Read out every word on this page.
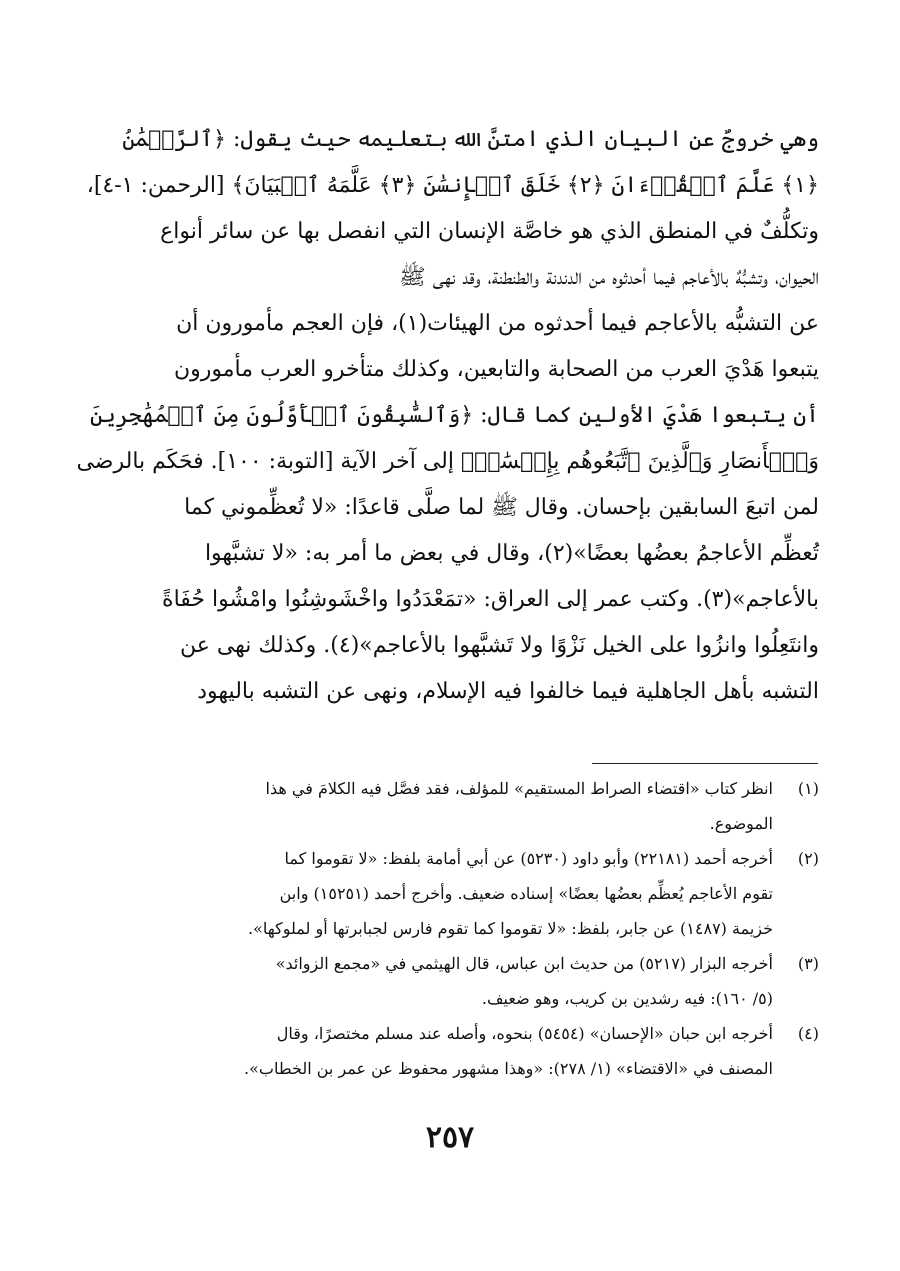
وهي خروجٌ عن البيان الذي امتنَّ الله بتعليمه حيث يقول: ﴿ٱلرَّحۡمَٰنُ
﴿١﴾ عَلَّمَ ٱلۡقُرۡءَانَ ﴿٢﴾ خَلَقَ ٱلۡإِنسَٰنَ ﴿٣﴾ عَلَّمَهُ ٱلۡبَيَانَ﴾ [الرحمن: ١-٤]،
وتكلُّفٌ في المنطق الذي هو خاصَّة الإنسان التي انفصل بها عن سائر أنواع
الحيوان، وتشبُّهٌ بالأعاجم فيما أحدثوه من الدندنة والطنطنة، وقد نهى ﷺ
عن التشبُّه بالأعاجم فيما أحدثوه من الهيئات(١)، فإن العجم مأمورون أن
يتبعوا هَدْيَ العرب من الصحابة والتابعين، وكذلك متأخرو العرب مأمورون
أن يتبعوا هَدْيَ الأولين كما قال: ﴿وَٱلسَّٰبِقُونَ ٱلۡأَوَّلُونَ مِنَ ٱلۡمُهَٰجِرِينَ
وَٱلۡأَنصَارِ وَٱلَّذِينَ ٱتَّبَعُوهُم بِإِحۡسَٰنٖ﴾ إلى آخر الآية [التوبة: ١٠٠]. فحَكَم بالرضى
لمن اتبعَ السابقين بإحسان. وقال ﷺ لما صلَّى قاعدًا: «لا تُعظِّموني كما
تُعظِّم الأعاجمُ بعضُها بعضًا»(٢)، وقال في بعض ما أمر به: «لا تشبَّهوا
بالأعاجم»(٣). وكتب عمر إلى العراق: «تمَعْدَدُوا واخْشَوشِنُوا وامْشُوا حُفَاةً
وانتَعِلُوا وانزُوا على الخيل نَزْوًا ولا تَشبَّهوا بالأعاجم»(٤). وكذلك نهى عن
التشبه بأهل الجاهلية فيما خالفوا فيه الإسلام، ونهى عن التشبه باليهود
(١)انظر كتاب «اقتضاء الصراط المستقيم» للمؤلف، فقد فصَّل فيه الكلامَ في هذا
الموضوع.
(٢)أخرجه أحمد (٢٢١٨١) وأبو داود (٥٢٣٠) عن أبي أمامة بلفظ: «لا تقوموا كما
تقوم الأعاجم يُعظِّم بعضُها بعضًا» إسناده ضعيف. وأخرج أحمد (١٥٢٥١) وابن
خزيمة (١٤٨٧) عن جابر، بلفظ: «لا تقوموا كما تقوم فارس لجبابرتها أو لملوكها».
(٣)أخرجه البزار (٥٢١٧) من حديث ابن عباس، قال الهيثمي في «مجمع الزوائد»
(٥/ ١٦٠): فيه رشدين بن كريب، وهو ضعيف.
(٤)أخرجه ابن حبان «الإحسان» (٥٤٥٤) بنحوه، وأصله عند مسلم مختصرًا، وقال
المصنف في «الاقتضاء» (١/ ٢٧٨): «وهذا مشهور محفوظ عن عمر بن الخطاب».
٢٥٧
